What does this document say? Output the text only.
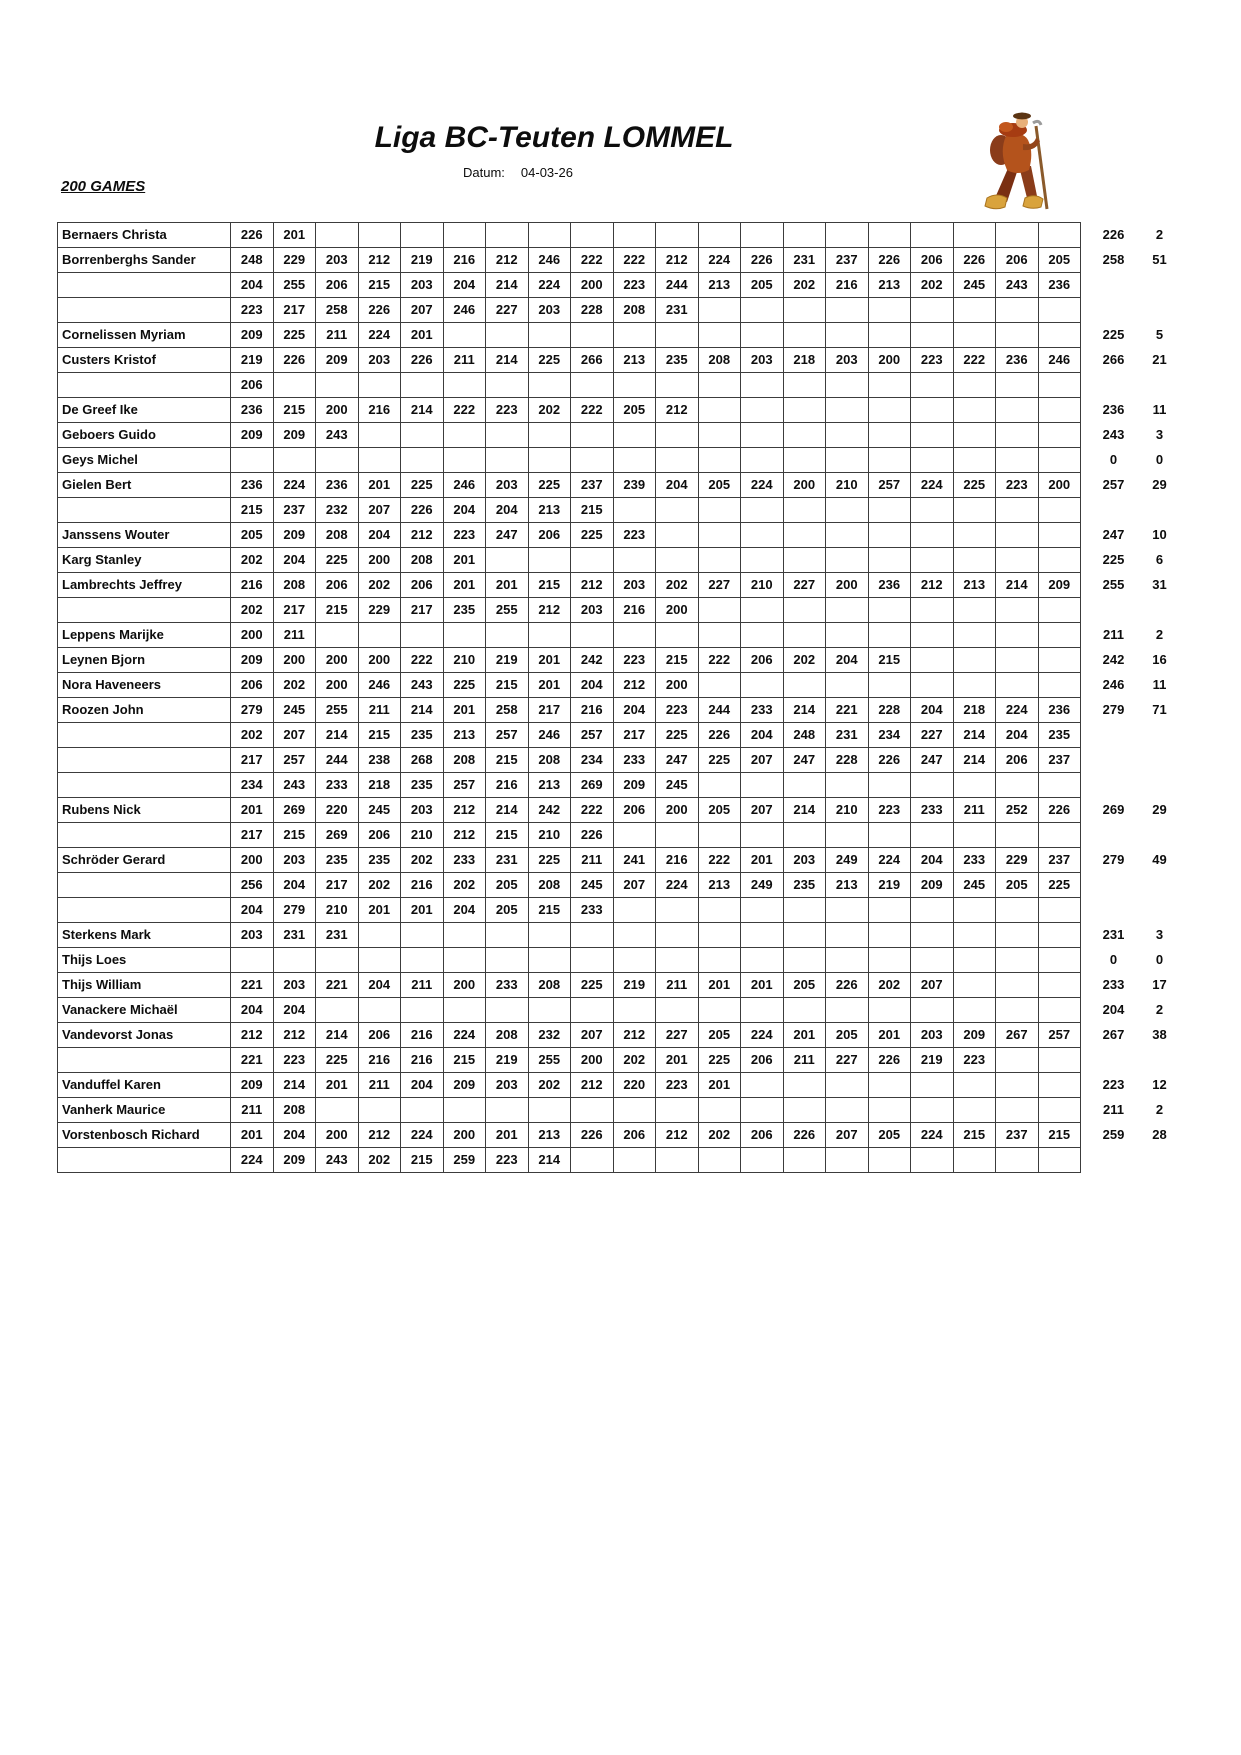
Liga BC-Teuten LOMMEL
Datum: 04-03-26
200 GAMES
Bernaers Christa	226	201																				226	2
Borrenberghs Sander	248	229	203	212	219	216	212	246	222	222	212	224	226	231	237	226	206	226	206	205		258	51
	204	255	206	215	203	204	214	224	200	223	244	213	205	202	216	213	202	245	243	236			
	223	217	258	226	207	246	227	203	228	208	231												
Cornelissen Myriam	209	225	211	224	201																	225	5
Custers Kristof	219	226	209	203	226	211	214	225	266	213	235	208	203	218	203	200	223	222	236	246		266	21
	206																						
De Greef Ike	236	215	200	216	214	222	223	202	222	205	212											236	11
Geboers Guido	209	209	243																			243	3
Geys Michel																						0	0
Gielen Bert	236	224	236	201	225	246	203	225	237	239	204	205	224	200	210	257	224	225	223	200		257	29
	215	237	232	207	226	204	204	213	215														
Janssens Wouter	205	209	208	204	212	223	247	206	225	223												247	10
Karg Stanley	202	204	225	200	208	201																225	6
Lambrechts Jeffrey	216	208	206	202	206	201	201	215	212	203	202	227	210	227	200	236	212	213	214	209		255	31
	202	217	215	229	217	235	255	212	203	216	200												
Leppens Marijke	200	211																				211	2
Leynen Bjorn	209	200	200	200	222	210	219	201	242	223	215	222	206	202	204	215						242	16
Nora Haveneers	206	202	200	246	243	225	215	201	204	212	200											246	11
Roozen John	279	245	255	211	214	201	258	217	216	204	223	244	233	214	221	228	204	218	224	236		279	71
	202	207	214	215	235	213	257	246	257	217	225	226	204	248	231	234	227	214	204	235			
	217	257	244	238	268	208	215	208	234	233	247	225	207	247	228	226	247	214	206	237			
	234	243	233	218	235	257	216	213	269	209	245												
Rubens Nick	201	269	220	245	203	212	214	242	222	206	200	205	207	214	210	223	233	211	252	226		269	29
	217	215	269	206	210	212	215	210	226														
Schröder Gerard	200	203	235	235	202	233	231	225	211	241	216	222	201	203	249	224	204	233	229	237		279	49
	256	204	217	202	216	202	205	208	245	207	224	213	249	235	213	219	209	245	205	225			
	204	279	210	201	201	204	205	215	233														
Sterkens Mark	203	231	231																			231	3
Thijs Loes																						0	0
Thijs William	221	203	221	204	211	200	233	208	225	219	211	201	201	205	226	202	207					233	17
Vanackere Michaël	204	204																				204	2
Vandevorst Jonas	212	212	214	206	216	224	208	232	207	212	227	205	224	201	205	201	203	209	267	257		267	38
	221	223	225	216	216	215	219	255	200	202	201	225	206	211	227	226	219	223					
Vanduffel Karen	209	214	201	211	204	209	203	202	212	220	223	201										223	12
Vanherk Maurice	211	208																				211	2
Vorstenbosch Richard	201	204	200	212	224	200	201	213	226	206	212	202	206	226	207	205	224	215	237	215		259	28
	224	209	243	202	215	259	223	214															
